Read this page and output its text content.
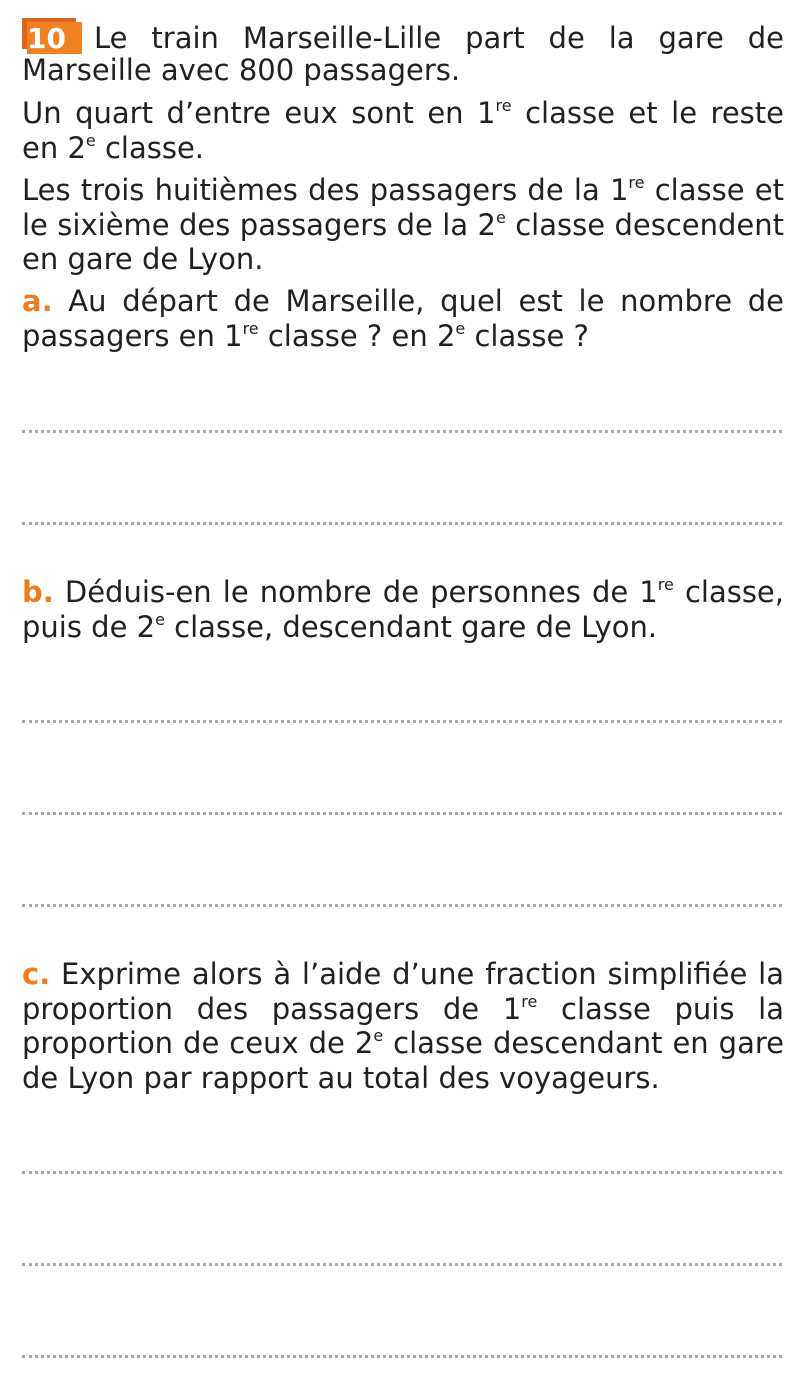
10 Le train Marseille-Lille part de la gare de

Marseille avec 800 passagers.

Un quart d’entre eux sont en 1re classe et le reste en 2e classe.

Les trois huitièmes des passagers de la 1re classe et le sixième des passagers de la 2e classe descendent en gare de Lyon.

a. Au départ de Marseille, quel est le nombre de passagers en 1re classe ? en 2e classe ?

b. Déduis-en le nombre de personnes de 1re classe, puis de 2e classe, descendant gare de Lyon.

c. Exprime alors à l’aide d’une fraction simplifiée la proportion des passagers de 1re classe puis la proportion de ceux de 2e classe descendant en gare de Lyon par rapport au total des voyageurs.
